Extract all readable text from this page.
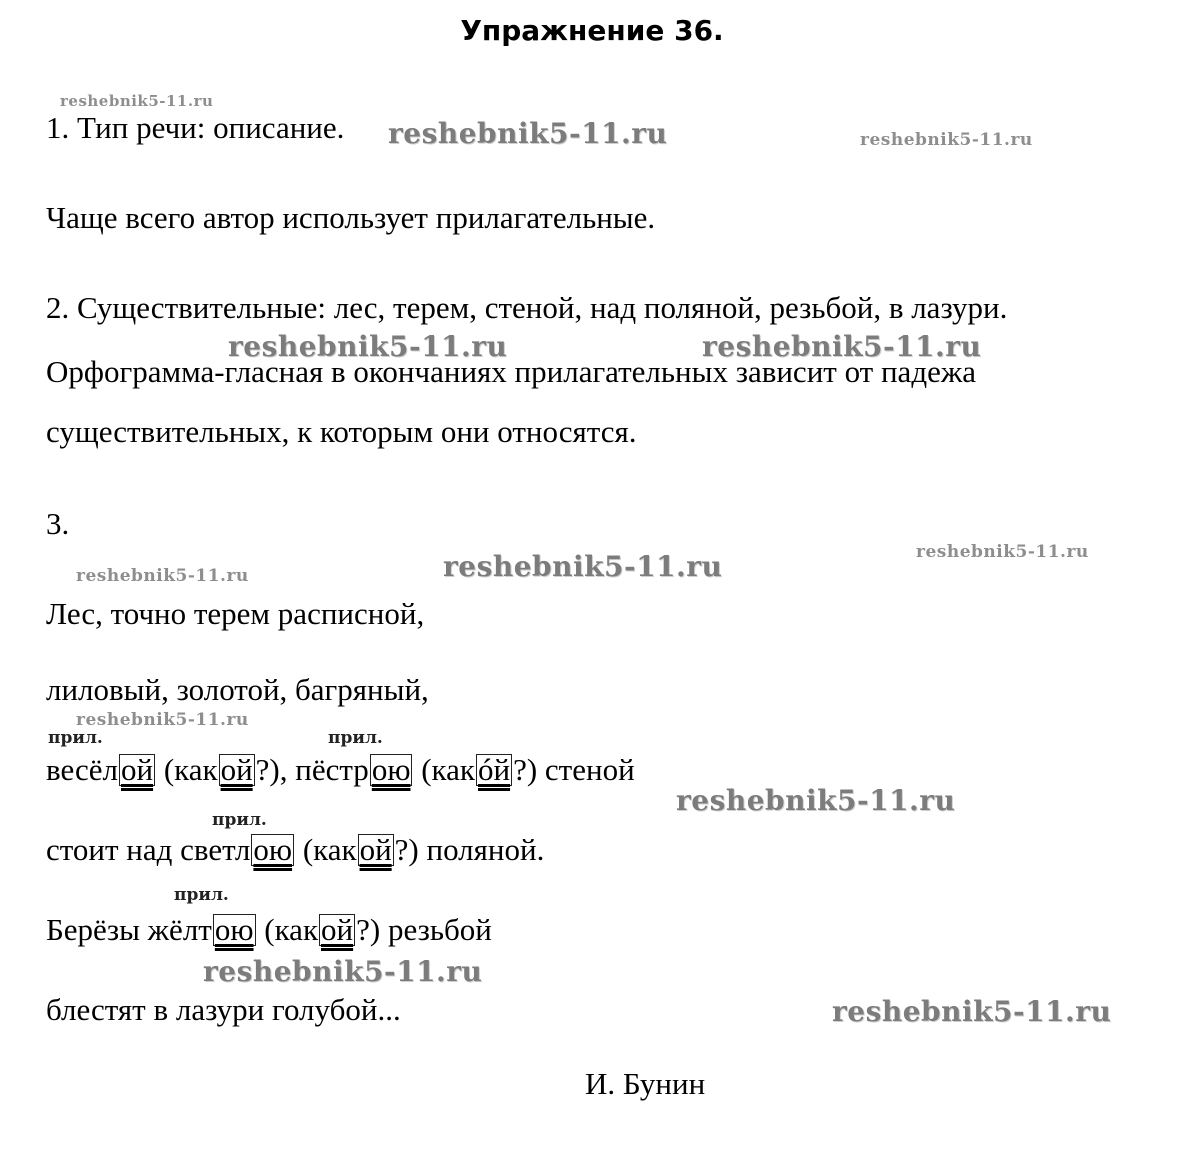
Упражнение 36.
reshebnik5-11.ru
reshebnik5-11.ru	reshebnik5-11.ru
reshebnik5-11.ru	reshebnik5-11.ru
reshebnik5-11.ru	reshebnik5-11.ru
reshebnik5-11.ru
reshebnik5-11.ru
reshebnik5-11.ru
reshebnik5-11.ru
reshebnik5-11.ru
1. Тип речи: описание.
Чаще всего автор использует прилагательные.
2. Существительные: лес, терем, стеной, над поляной, резьбой, в лазури.
Орфограмма-гласная в окончаниях прилагательных зависит от падежа
существительных, к которым они относятся.
3.
Лес, точно терем расписной,
лиловый, золотой, багряный,
прил.	прил.
прил.
прил.
весёлой (какой?), пёстрою (какóй?) стеной
стоит над светлою (какой?) поляной.
Берёзы жёлтою (какой?) резьбой
блестят в лазури голубой...
И. Бунин
